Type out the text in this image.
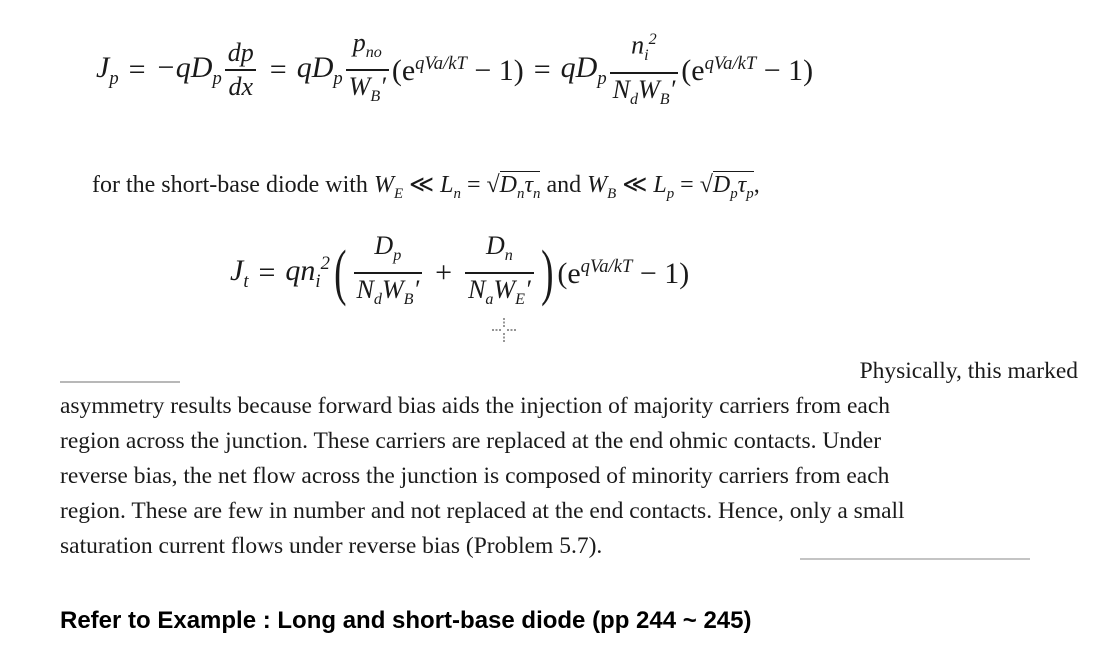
$J_p = -qD_p \frac{dp}{dx} = qD_p \frac{p_{no}}{W_B'} (e^{qVa/kT} - 1) = qD_p \frac{n_i^2}{N_dW_B'} (e^{qVa/kT} - 1)$
for the short-base diode with $W_E$ ≪ $L_n = √D_n\tau_n$ and $W_B$ ≪ $L_p = √D_p\tau_p$,
$J_t = qn_i^2$ ( $\frac{D_p}{N_dW_B'} + \frac{D_n}{N_aW_E'}$ ) $(e^{qVa/kT} - 1)$
Physically, this marked
asymmetry results because forward bias aids the injection of majority carriers from each
region across the junction. These carriers are replaced at the end ohmic contacts. Under
reverse bias, the net flow across the junction is composed of minority carriers from each
region. These are few in number and not replaced at the end contacts. Hence, only a small
saturation current flows under reverse bias (Problem 5.7).
Refer to Example : Long and short-base diode (pp 244 ~ 245)
